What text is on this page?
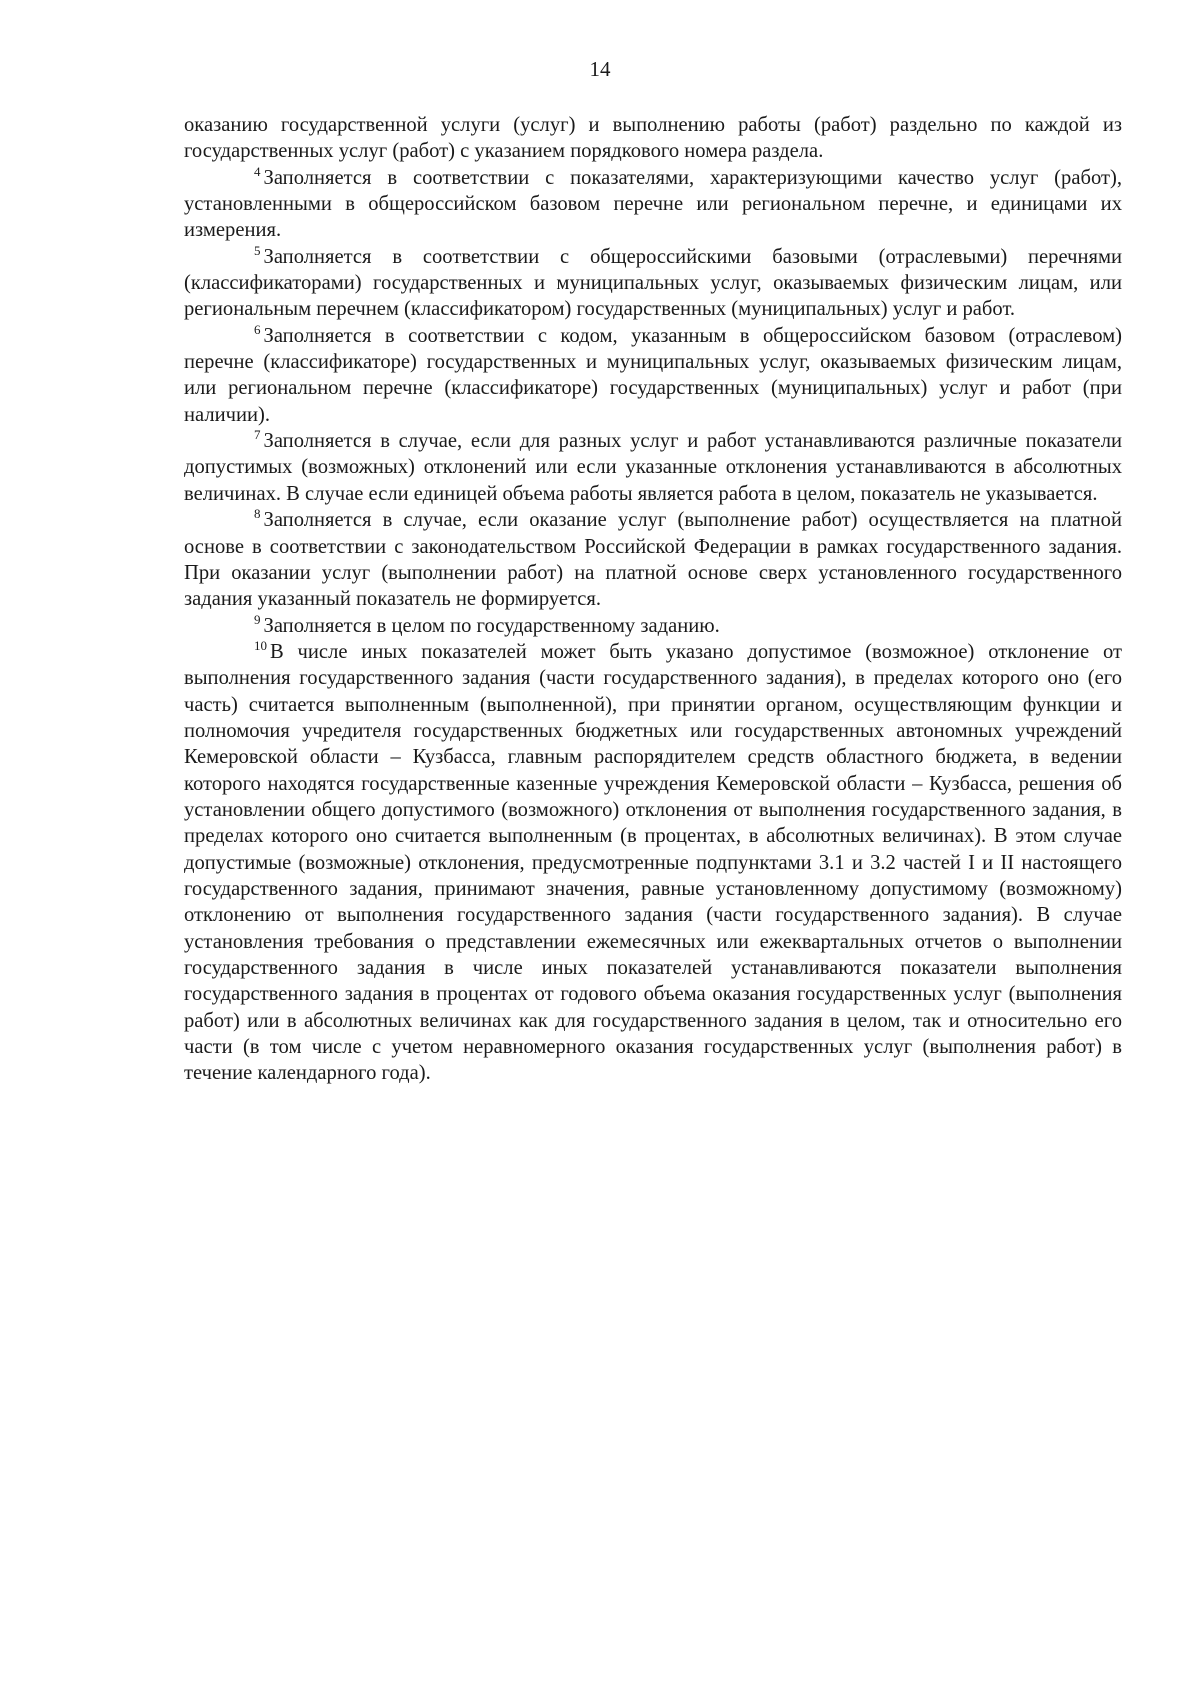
14

оказанию государственной услуги (услуг) и выполнению работы (работ) раздельно по каждой из государственных услуг (работ) с указанием порядкового номера раздела.

$^4$ Заполняется в соответствии с показателями, характеризующими качество услуг (работ), установленными в общероссийском базовом перечне или региональном перечне, и единицами их измерения.

$^5$ Заполняется в соответствии с общероссийскими базовыми (отраслевыми) перечнями (классификаторами) государственных и муниципальных услуг, оказываемых физическим лицам, или региональным перечнем (классификатором) государственных (муниципальных) услуг и работ.

$^6$ Заполняется в соответствии с кодом, указанным в общероссийском базовом (отраслевом) перечне (классификаторе) государственных и муниципальных услуг, оказываемых физическим лицам, или региональном перечне (классификаторе) государственных (муниципальных) услуг и работ (при наличии).

$^7$ Заполняется в случае, если для разных услуг и работ устанавливаются различные показатели допустимых (возможных) отклонений или если указанные отклонения устанавливаются в абсолютных величинах. В случае если единицей объема работы является работа в целом, показатель не указывается.

$^8$ Заполняется в случае, если оказание услуг (выполнение работ) осуществляется на платной основе в соответствии с законодательством Российской Федерации в рамках государственного задания. При оказании услуг (выполнении работ) на платной основе сверх установленного государственного задания указанный показатель не формируется.

$^9$ Заполняется в целом по государственному заданию.

$^{10}$ В числе иных показателей может быть указано допустимое (возможное) отклонение от выполнения государственного задания (части государственного задания), в пределах которого оно (его часть) считается выполненным (выполненной), при принятии органом, осуществляющим функции и полномочия учредителя государственных бюджетных или государственных автономных учреждений Кемеровской области – Кузбасса, главным распорядителем средств областного бюджета, в ведении которого находятся государственные казенные учреждения Кемеровской области – Кузбасса, решения об установлении общего допустимого (возможного) отклонения от выполнения государственного задания, в пределах которого оно считается выполненным (в процентах, в абсолютных величинах). В этом случае допустимые (возможные) отклонения, предусмотренные подпунктами 3.1 и 3.2 частей I и II настоящего государственного задания, принимают значения, равные установленному допустимому (возможному) отклонению от выполнения государственного задания (части государственного задания). В случае установления требования о представлении ежемесячных или ежеквартальных отчетов о выполнении государственного задания в числе иных показателей устанавливаются показатели выполнения государственного задания в процентах от годового объема оказания государственных услуг (выполнения работ) или в абсолютных величинах как для государственного задания в целом, так и относительно его части (в том числе с учетом неравномерного оказания государственных услуг (выполнения работ) в течение календарного года).
